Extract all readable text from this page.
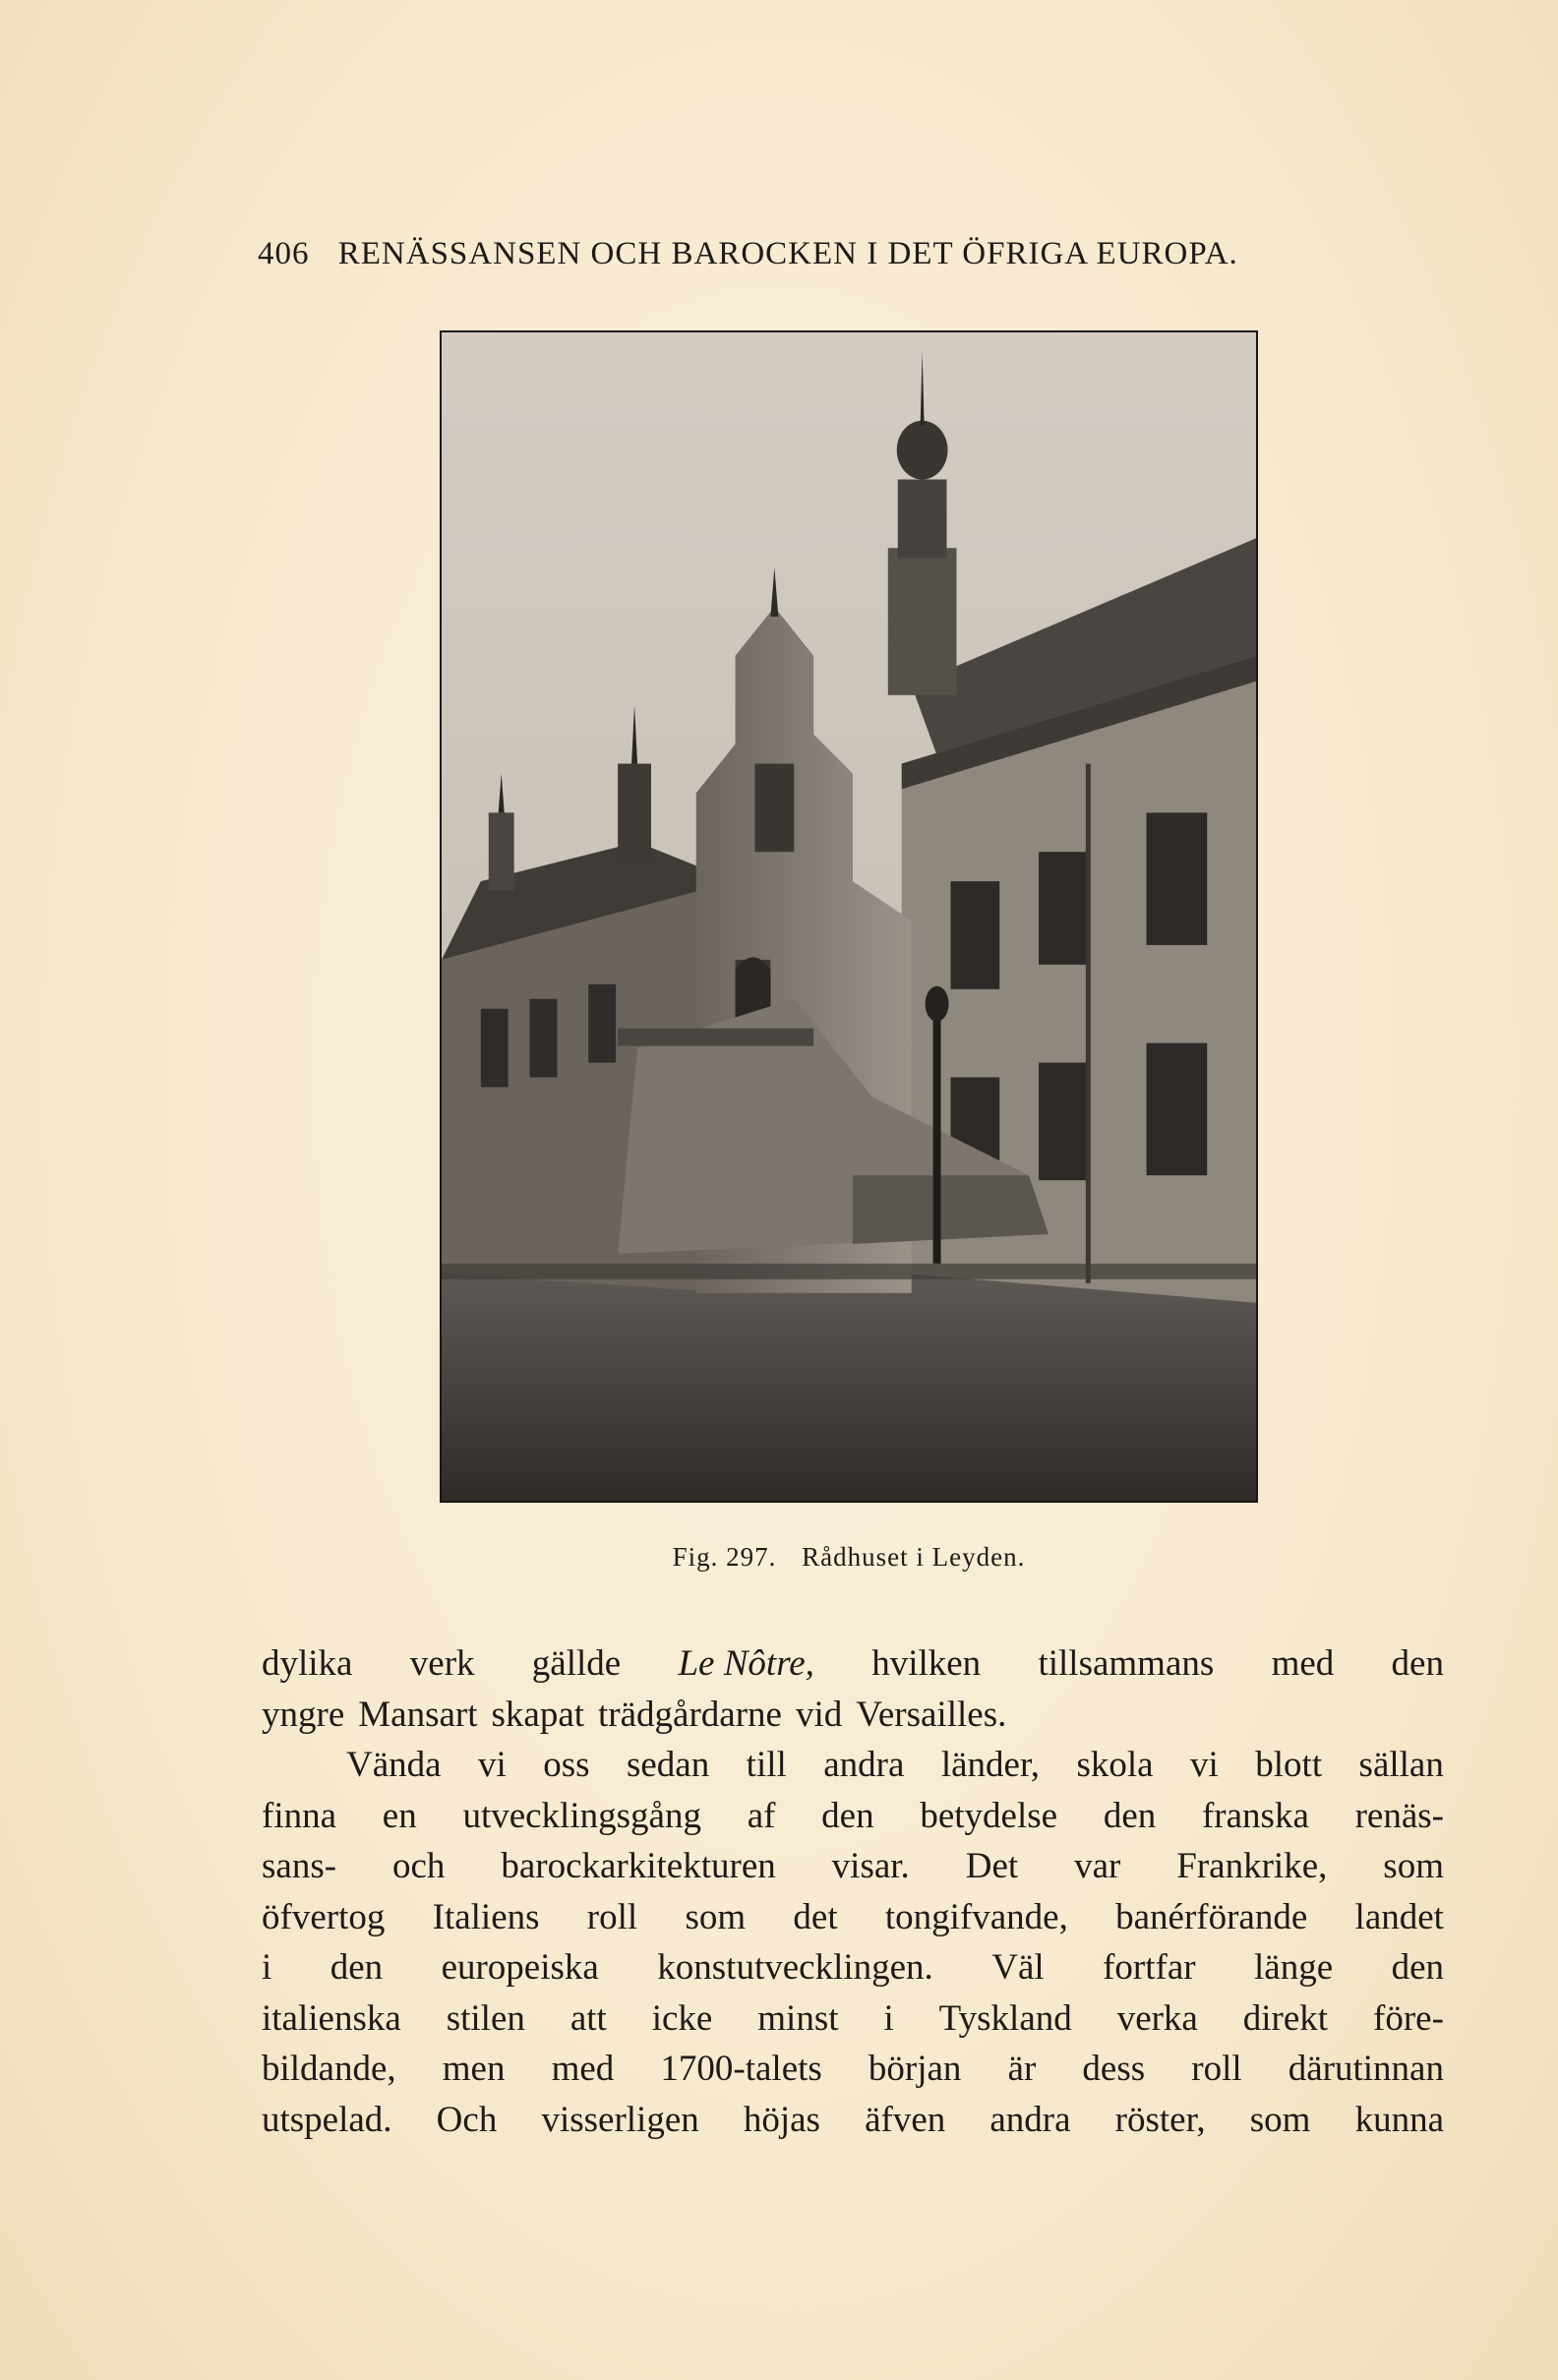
406 RENÄSSANSEN OCH BAROCKEN I DET ÖFRIGA EUROPA.
Fig. 297. Rådhuset i Leyden.
dylika verk gällde Le Nôtre, hvilken tillsammans med den
yngre Mansart skapat trädgårdarne vid Versailles.
Vända vi oss sedan till andra länder, skola vi blott sällan
finna en utvecklingsgång af den betydelse den franska renäs-
sans- och barockarkitekturen visar. Det var Frankrike, som
öfvertog Italiens roll som det tongifvande, banérförande landet
i den europeiska konstutvecklingen. Väl fortfar länge den
italienska stilen att icke minst i Tyskland verka direkt före-
bildande, men med 1700-talets början är dess roll därutinnan
utspelad. Och visserligen höjas äfven andra röster, som kunna
